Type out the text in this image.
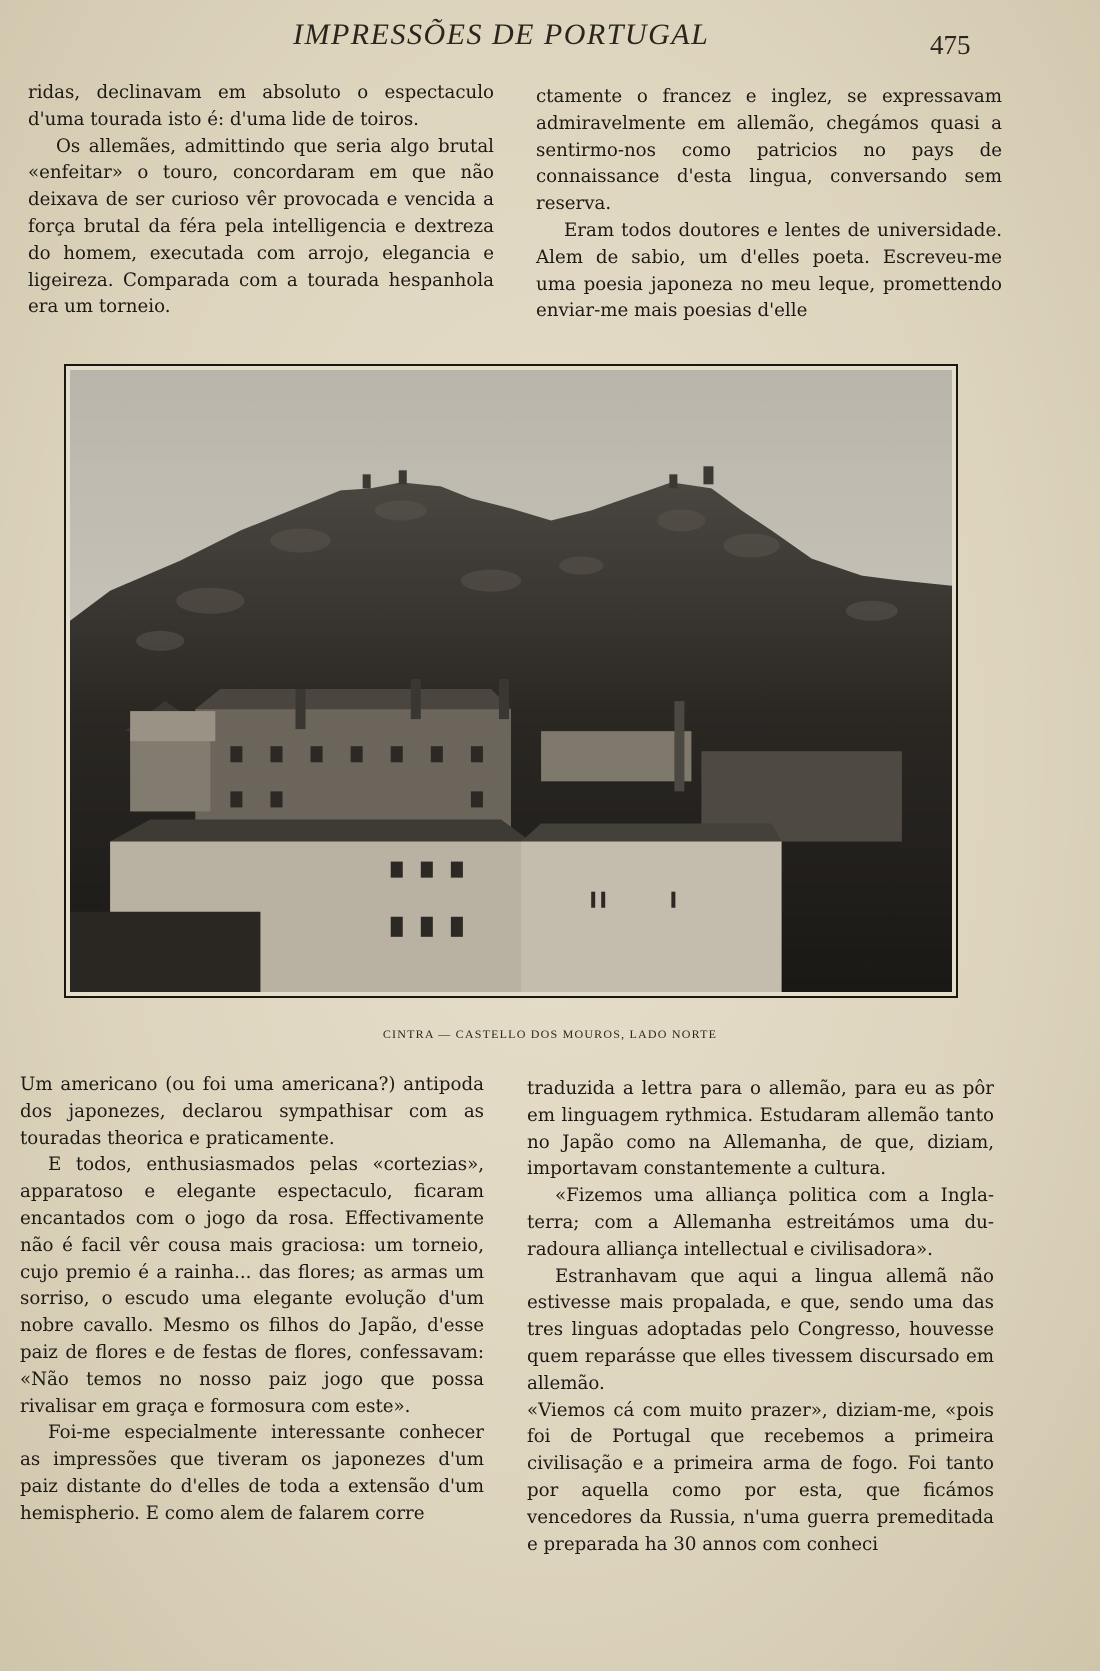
IMPRESSÕES DE PORTUGAL	475

ridas, declinavam em absoluto o espectaculo d'uma tourada isto é: d'uma lide de toiros.

Os allemães, admittindo que seria algo brutal «enfeitar» o touro, concordaram em que não deixava de ser curioso vêr provocada e vencida a força brutal da féra pela intelligencia e dextreza do homem, executada com arrojo, elegancia e ligeireza. Comparada com a tourada hespanhola era um torneio.

ctamente o francez e inglez, se expressavam admiravelmente em allemão, chegámos quasi a sentirmo-nos como patricios no pays de connaissance d'esta lingua, conversando sem reserva.

Eram todos doutores e lentes de universidade. Alem de sabio, um d'elles poeta. Escreveu-me uma poesia japoneza no meu leque, promettendo enviar-me mais poesias d'elle

F
CINTRA — CASTELLO DOS MOUROS, LADO NORTE

Um americano (ou foi uma americana?) antipoda dos japonezes, declarou sympathisar com as touradas theorica e praticamente.

E todos, enthusiasmados pelas «cortezias», apparatoso e elegante espectaculo, ficaram encantados com o jogo da rosa. Effectivamente não é facil vêr cousa mais graciosa: um torneio, cujo premio é a rainha... das flores; as armas um sorriso, o escudo uma elegante evolução d'um nobre cavallo. Mesmo os filhos do Japão, d'esse paiz de flores e de festas de flores, confessavam: «Não temos no nosso paiz jogo que possa rivalisar em graça e formosura com este».

Foi-me especialmente interessante conhecer as impressões que tiveram os japonezes d'um paiz distante do d'elles de toda a extensão d'um hemispherio. E como alem de falarem corre

traduzida a lettra para o allemão, para eu as pôr em linguagem rythmica. Estudaram allemão tanto no Japão como na Allemanha, de que, diziam, importavam constantemente a cultura.

«Fizemos uma alliança politica com a Inglaterra; com a Allemanha estreitámos uma duradoura alliança intellectual e civilisadora».

Estranhavam que aqui a lingua allemã não estivesse mais propalada, e que, sendo uma das tres linguas adoptadas pelo Congresso, houvesse quem reparásse que elles tivessem discursado em allemão.

«Viemos cá com muito prazer», diziam-me, «pois foi de Portugal que recebemos a primeira civilisação e a primeira arma de fogo. Foi tanto por aquella como por esta, que ficámos vencedores da Russia, n'uma guerra premeditada e preparada ha 30 annos com conheci
